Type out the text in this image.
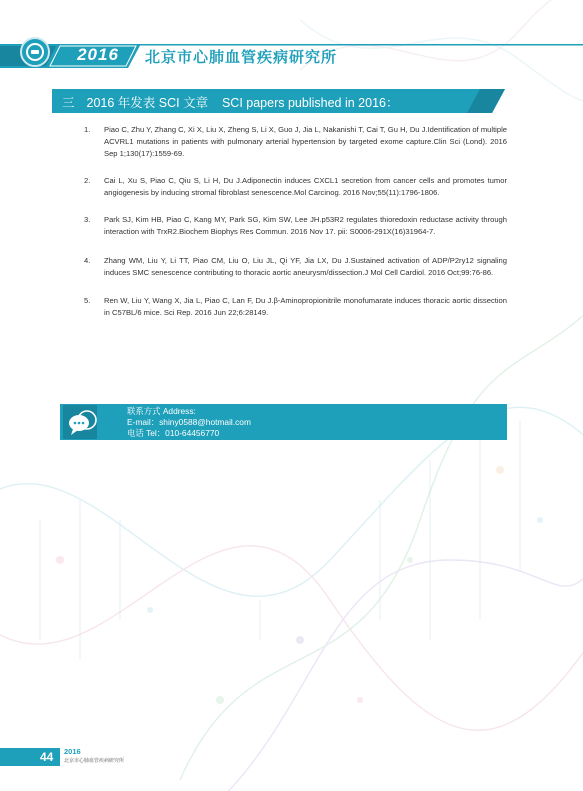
2016	北京市心肺血管疾病研究所
三 2016 年发表 SCI 文章    SCI papers published in 2016：
1.	Piao C, Zhu Y, Zhang C, Xi X, Liu X, Zheng S, Li X, Guo J, Jia L, Nakanishi T, Cai T, Gu H, Du J.Identification of multiple ACVRL1 mutations in patients with pulmonary arterial hypertension by targeted exome capture.Clin Sci (Lond). 2016 Sep 1;130(17):1559-69.
2.	Cai L, Xu S, Piao C, Qiu S, Li H, Du J.Adiponectin induces CXCL1 secretion from cancer cells and promotes tumor angiogenesis by inducing stromal fibroblast senescence.Mol Carcinog. 2016 Nov;55(11):1796-1806.
3.	Park SJ, Kim HB, Piao C, Kang MY, Park SG, Kim SW, Lee JH.p53R2 regulates thioredoxin reductase activity through interaction with TrxR2.Biochem Biophys Res Commun. 2016 Nov 17. pii: S0006-291X(16)31964-7.
4.	Zhang WM, Liu Y, Li TT, Piao CM, Liu O, Liu JL, Qi YF, Jia LX, Du J.Sustained activation of ADP/P2ry12 signaling induces SMC senescence contributing to thoracic aortic aneurysm/dissection.J Mol Cell Cardiol. 2016 Oct;99:76-86.
5.	Ren W, Liu Y, Wang X, Jia L, Piao C, Lan F, Du J.β-Aminopropionitrile monofumarate induces thoracic aortic dissection in C57BL/6 mice. Sci Rep. 2016 Jun 22;6:28149.
联系方式 Address:
E-mail：shiny0588@hotmail.com
电话 Tel：010-64456770
44 2016
北京市心肺血管疾病研究所
